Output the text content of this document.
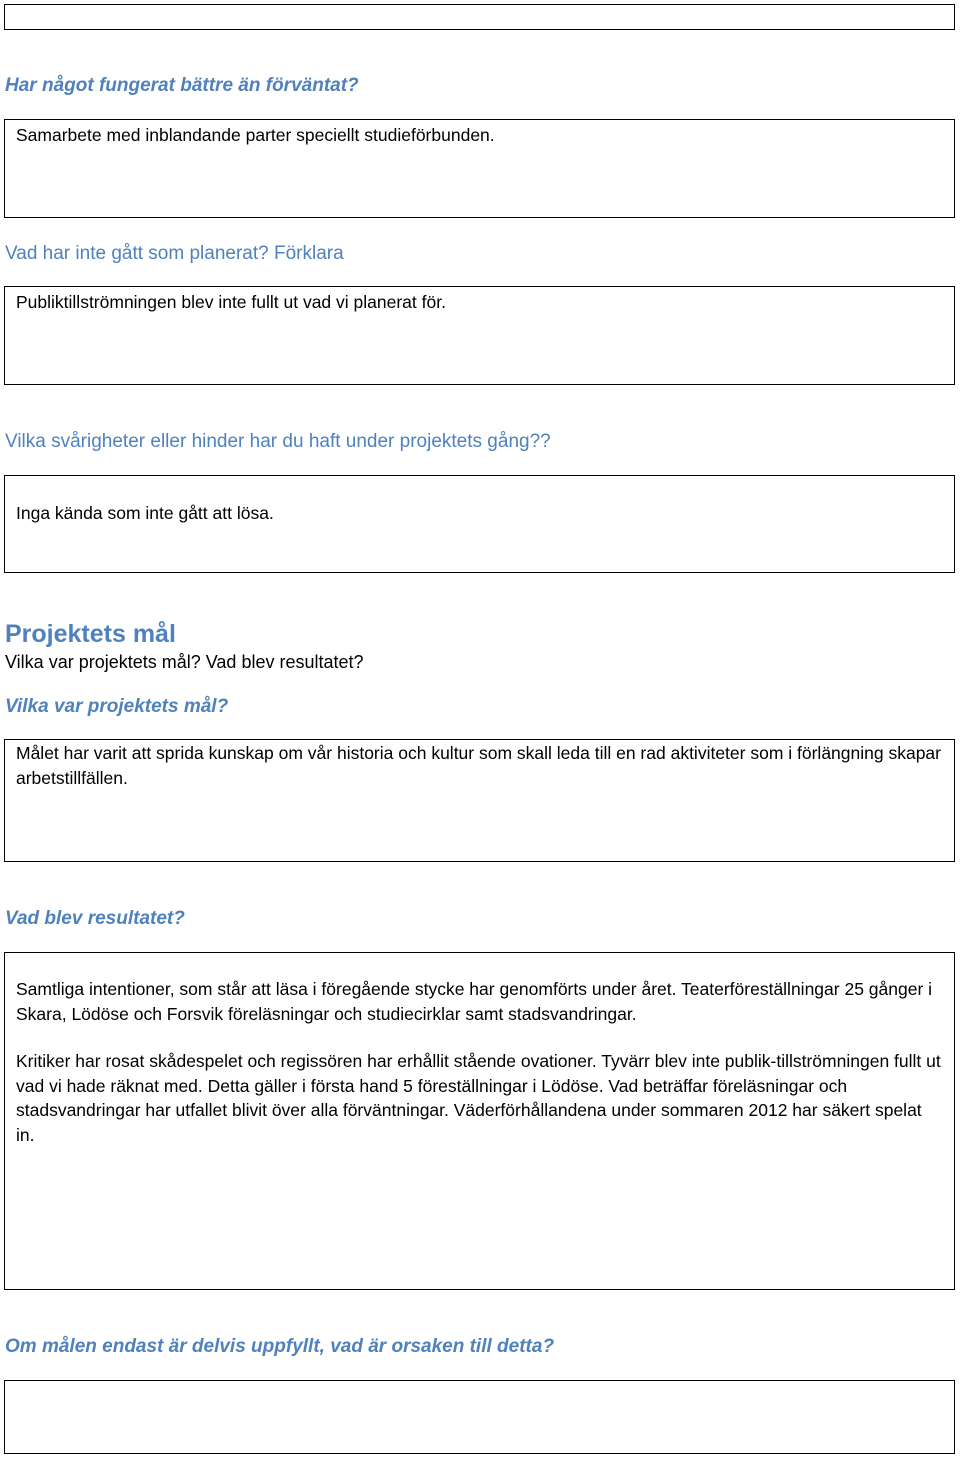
Har något fungerat bättre än förväntat?

Samarbete med inblandande parter speciellt studieförbunden.

Vad har inte gått som planerat? Förklara

Publiktillströmningen blev inte fullt ut vad vi planerat för.

Vilka svårigheter eller hinder har du haft under projektets gång??

Inga kända som inte gått att lösa.

Projektets mål

Vilka var projektets mål? Vad blev resultatet?

Vilka var projektets mål?

Målet har varit att sprida kunskap om vår historia och kultur som skall leda till en rad aktiviteter som i förlängning skapar arbetstillfällen.

Vad blev resultatet?

Samtliga intentioner, som står att läsa i föregående stycke har genomförts under året. Teaterföreställningar 25 gånger i Skara, Lödöse och Forsvik föreläsningar och studiecirklar samt stadsvandringar.

Kritiker har rosat skådespelet och regissören har erhållit stående ovationer. Tyvärr blev inte publik-tillströmningen fullt ut vad vi hade räknat med. Detta gäller i första hand 5 föreställningar i Lödöse. Vad beträffar föreläsningar och stadsvandringar har utfallet blivit över alla förväntningar. Väderförhållandena under sommaren 2012 har säkert spelat in.

Om målen endast är delvis uppfyllt, vad är orsaken till detta?
